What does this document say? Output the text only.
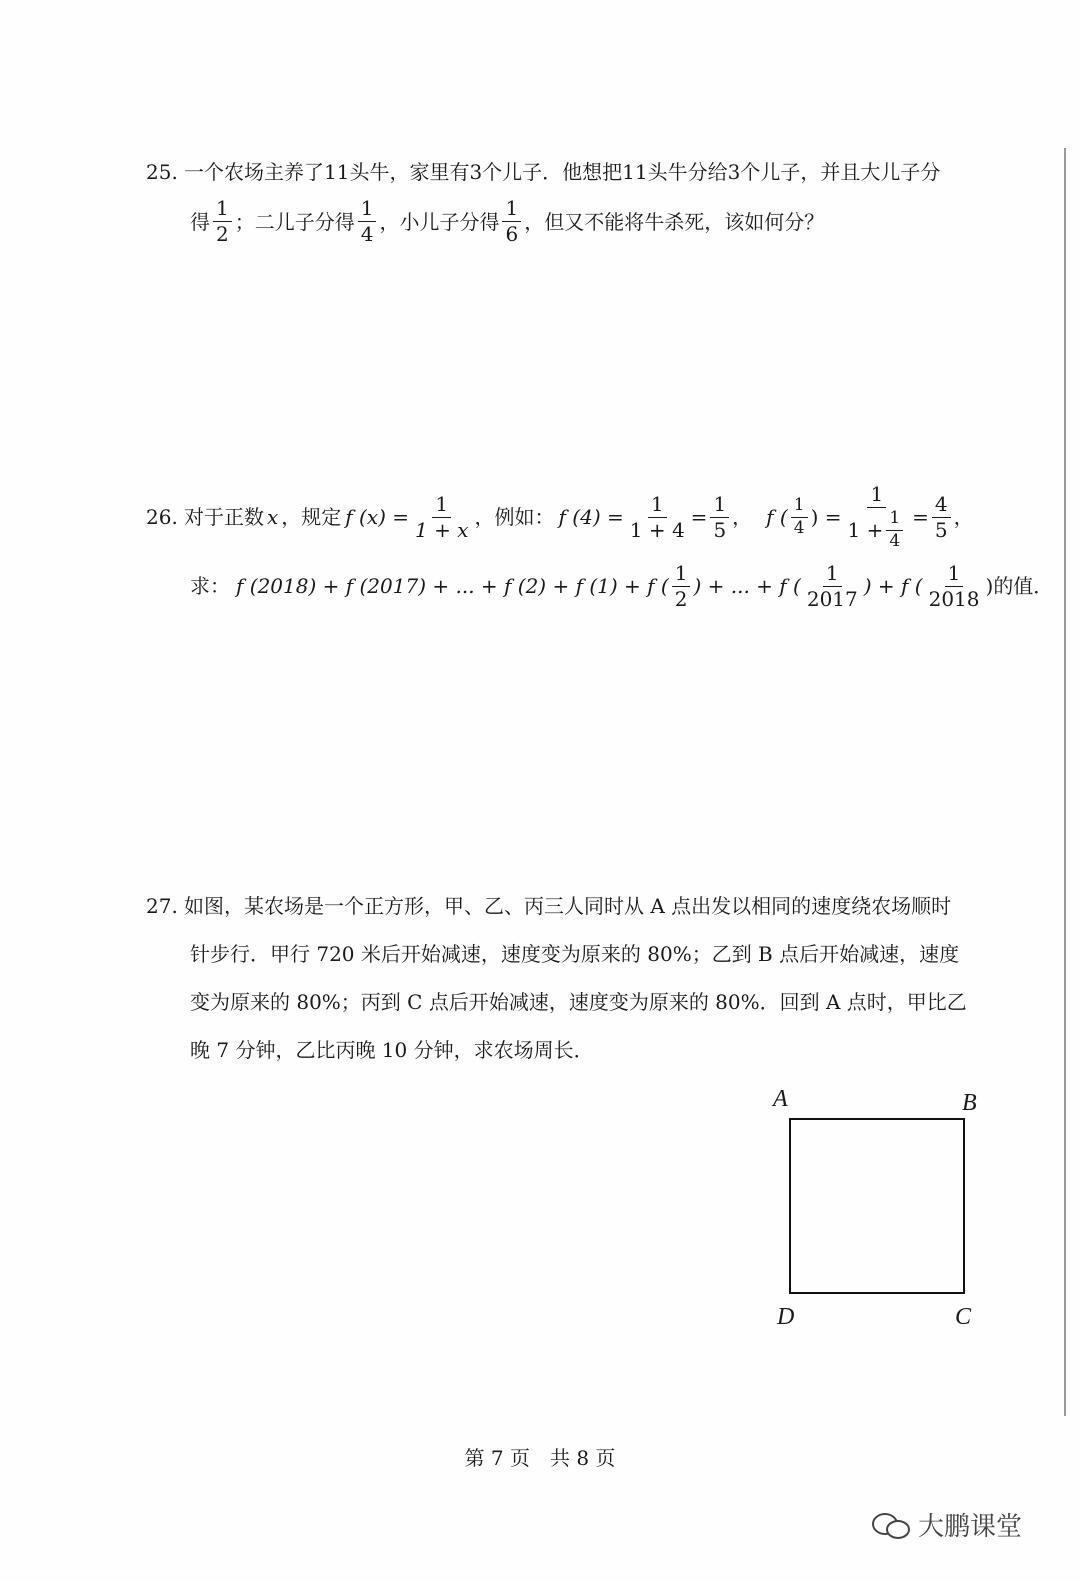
25. 一个农场主养了11头牛，家里有3个儿子．他想把11头牛分给3个儿子，并且大儿子分
得 $\frac{1}{2}$ ；二儿子分得 $\frac{1}{4}$ ，小儿子分得 $\frac{1}{6}$ ，但又不能将牛杀死，该如何分？
26. 对于正数 x ，规定 f $(x) = \frac{1}{1 + x}$ ，例如： f $(4) = \frac{1}{1 + 4} = \frac{1}{5}$ ， f ( $\frac{1}{4}$ ) = $\frac{1}{1 + \frac{1}{4}} = \frac{4}{5}$ ，
求： f (2018) + f (2017) + ... + f (2) + f (1) + f ( $\frac{1}{2}$ ) + ... + f ( $\frac{1}{2017}$ ) + f ( $\frac{1}{2018}$ ) 的值．
27. 如图，某农场是一个正方形，甲、乙、丙三人同时从 A 点出发以相同的速度绕农场顺时
针步行．甲行 720 米后开始减速，速度变为原来的 80%；乙到 B 点后开始减速，速度
变为原来的 80%；丙到 C 点后开始减速，速度变为原来的 80%．回到 A 点时，甲比乙
晚 7 分钟，乙比丙晚 10 分钟，求农场周长．
A	B
D	C
第 7 页　共 8 页
大鹏课堂
